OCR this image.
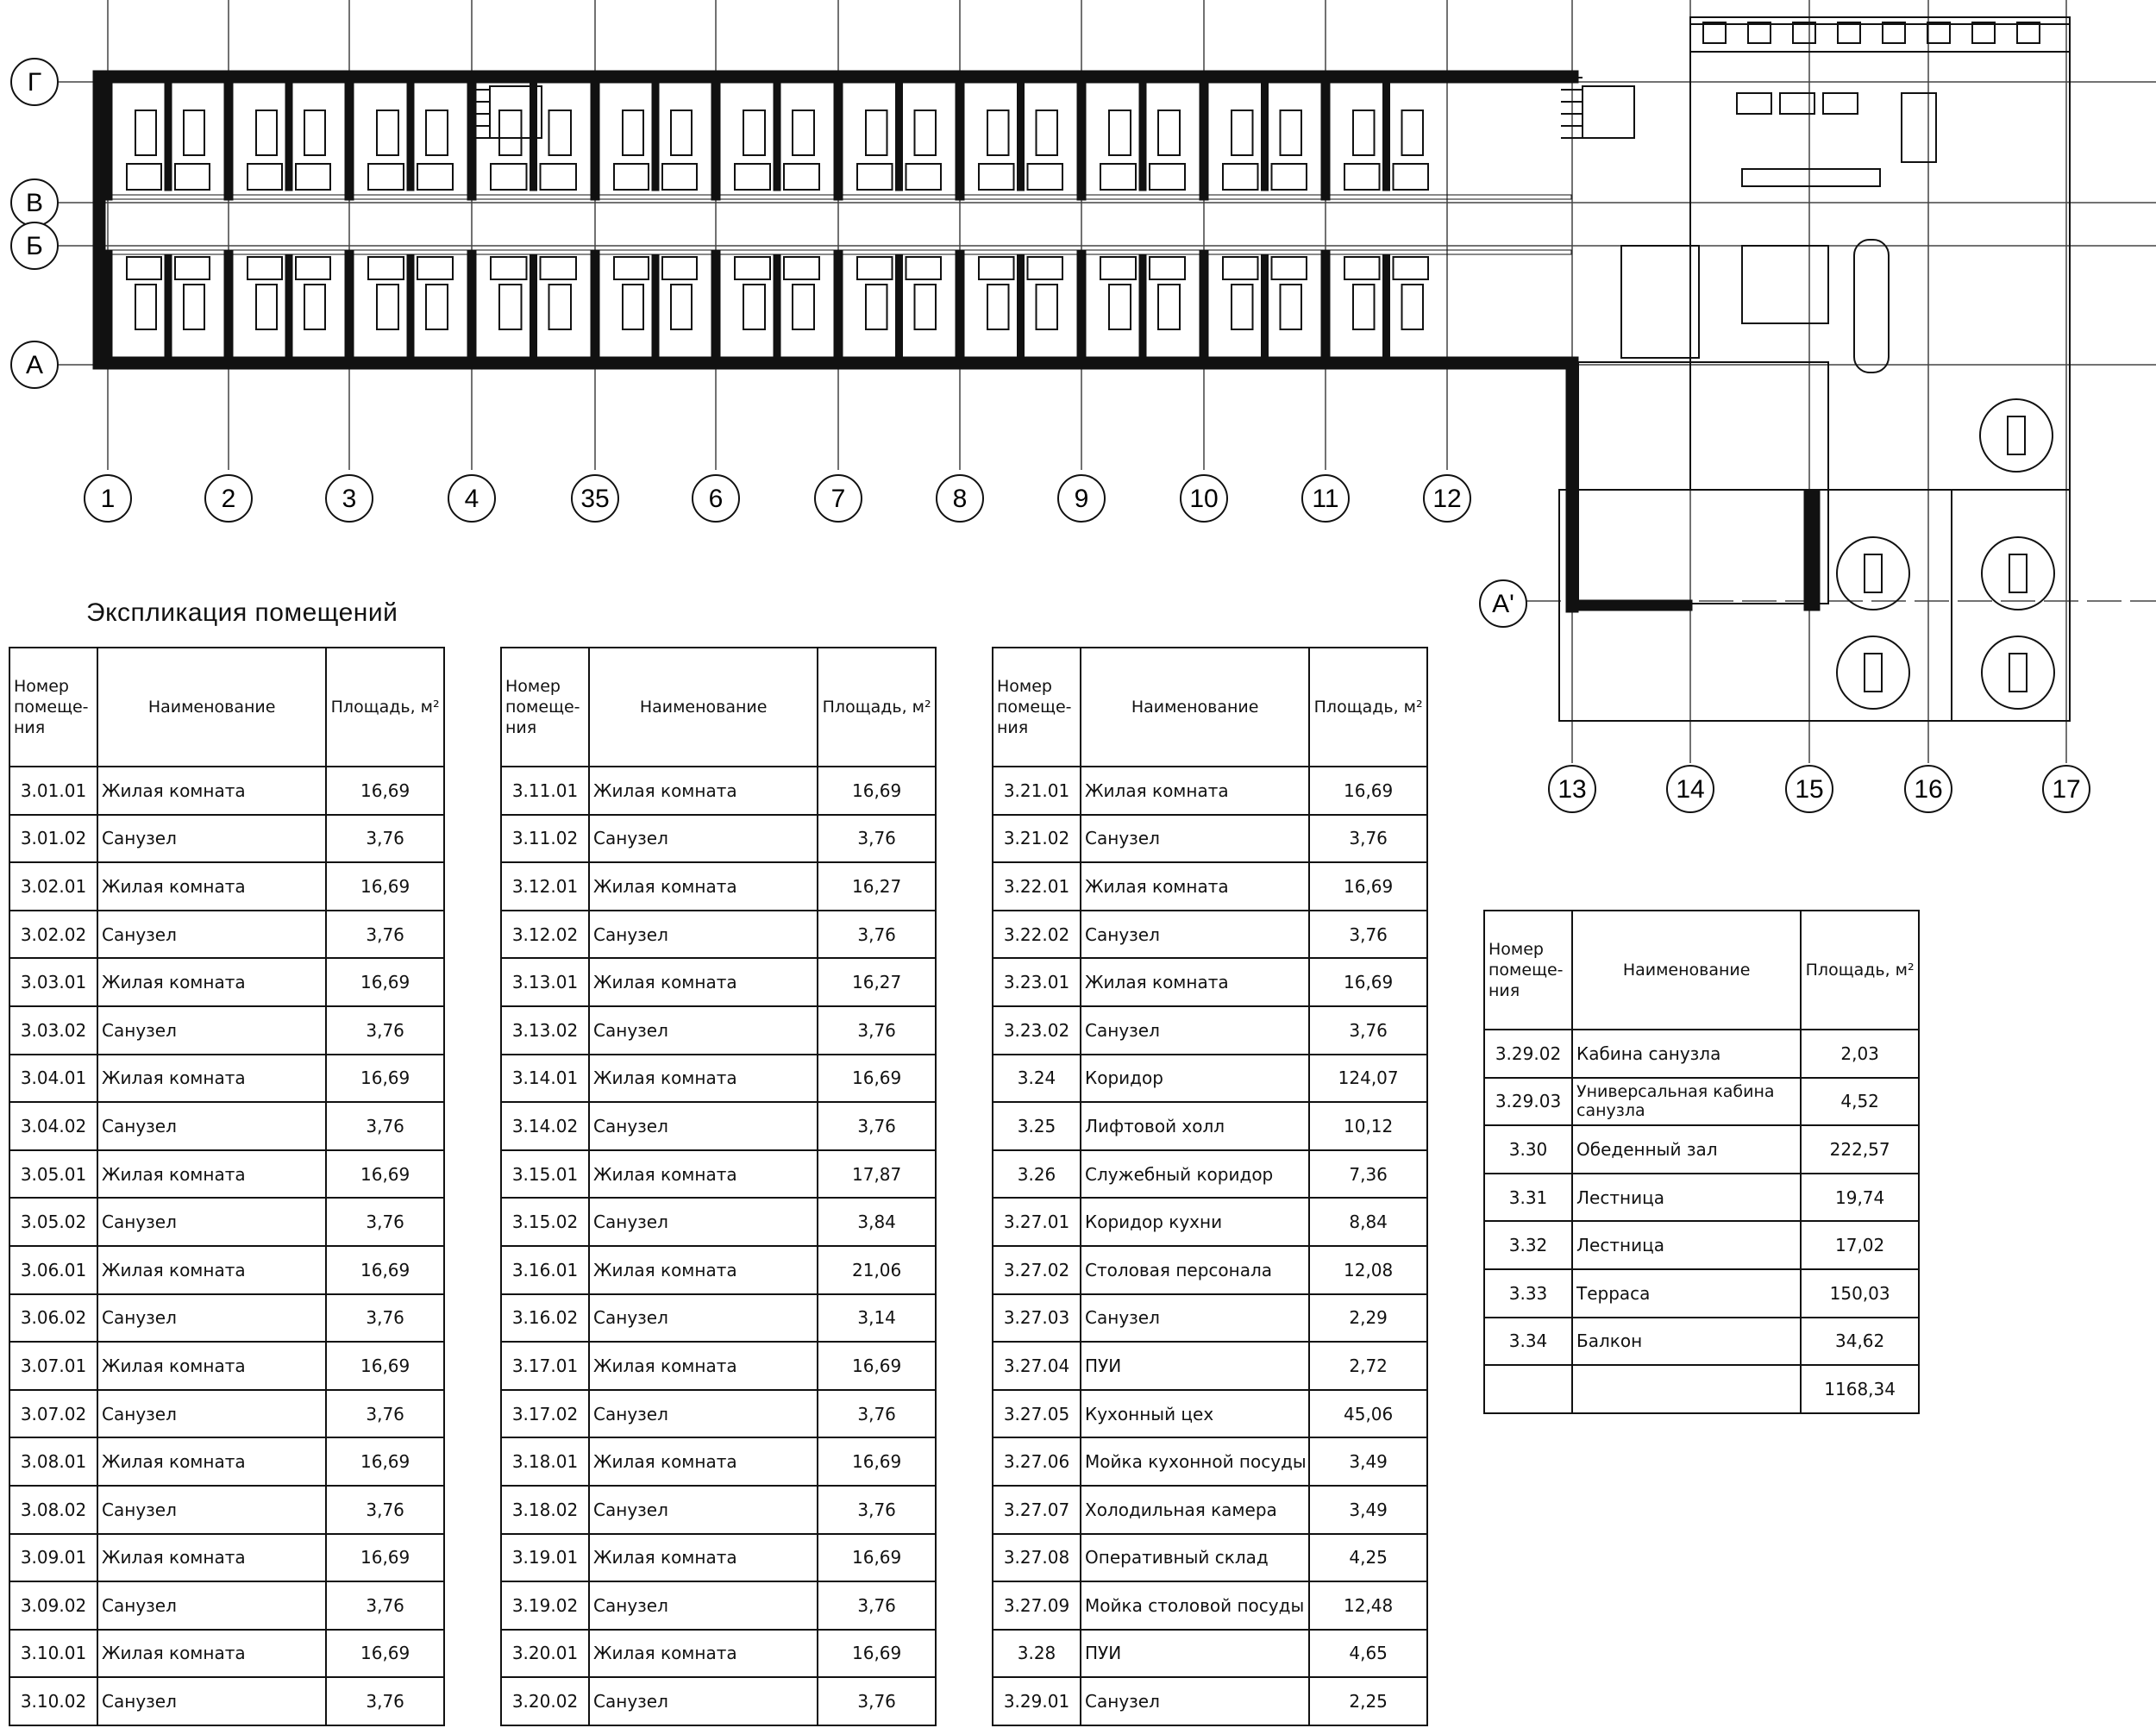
1	2	3	4	35	6	7	8	9	10	11	12
13	14	15	16	17
Г
В
Б
А
А'
Экспликация помещений
Номер помеще-ния	Наименование	Площадь, м²
3.01.01	Жилая комната	16,69
3.01.02	Санузел	3,76
3.02.01	Жилая комната	16,69
3.02.02	Санузел	3,76
3.03.01	Жилая комната	16,69
3.03.02	Санузел	3,76
3.04.01	Жилая комната	16,69
3.04.02	Санузел	3,76
3.05.01	Жилая комната	16,69
3.05.02	Санузел	3,76
3.06.01	Жилая комната	16,69
3.06.02	Санузел	3,76
3.07.01	Жилая комната	16,69
3.07.02	Санузел	3,76
3.08.01	Жилая комната	16,69
3.08.02	Санузел	3,76
3.09.01	Жилая комната	16,69
3.09.02	Санузел	3,76
3.10.01	Жилая комната	16,69
3.10.02	Санузел	3,76
Номер помеще-ния	Наименование	Площадь, м²
3.11.01	Жилая комната	16,69
3.11.02	Санузел	3,76
3.12.01	Жилая комната	16,27
3.12.02	Санузел	3,76
3.13.01	Жилая комната	16,27
3.13.02	Санузел	3,76
3.14.01	Жилая комната	16,69
3.14.02	Санузел	3,76
3.15.01	Жилая комната	17,87
3.15.02	Санузел	3,84
3.16.01	Жилая комната	21,06
3.16.02	Санузел	3,14
3.17.01	Жилая комната	16,69
3.17.02	Санузел	3,76
3.18.01	Жилая комната	16,69
3.18.02	Санузел	3,76
3.19.01	Жилая комната	16,69
3.19.02	Санузел	3,76
3.20.01	Жилая комната	16,69
3.20.02	Санузел	3,76
Номер помеще-ния	Наименование	Площадь, м²
3.21.01	Жилая комната	16,69
3.21.02	Санузел	3,76
3.22.01	Жилая комната	16,69
3.22.02	Санузел	3,76
3.23.01	Жилая комната	16,69
3.23.02	Санузел	3,76
3.24	Коридор	124,07
3.25	Лифтовой холл	10,12
3.26	Служебный коридор	7,36
3.27.01	Коридор кухни	8,84
3.27.02	Столовая персонала	12,08
3.27.03	Санузел	2,29
3.27.04	ПУИ	2,72
3.27.05	Кухонный цех	45,06
3.27.06	Мойка кухонной посуды	3,49
3.27.07	Холодильная камера	3,49
3.27.08	Оперативный склад	4,25
3.27.09	Мойка столовой посуды	12,48
3.28	ПУИ	4,65
3.29.01	Санузел	2,25
Номер помеще-ния	Наименование	Площадь, м²
3.29.02	Кабина санузла	2,03
3.29.03	Универсальная кабина санузла	4,52
3.30	Обеденный зал	222,57
3.31	Лестница	19,74
3.32	Лестница	17,02
3.33	Терраса	150,03
3.34	Балкон	34,62
		1168,34
